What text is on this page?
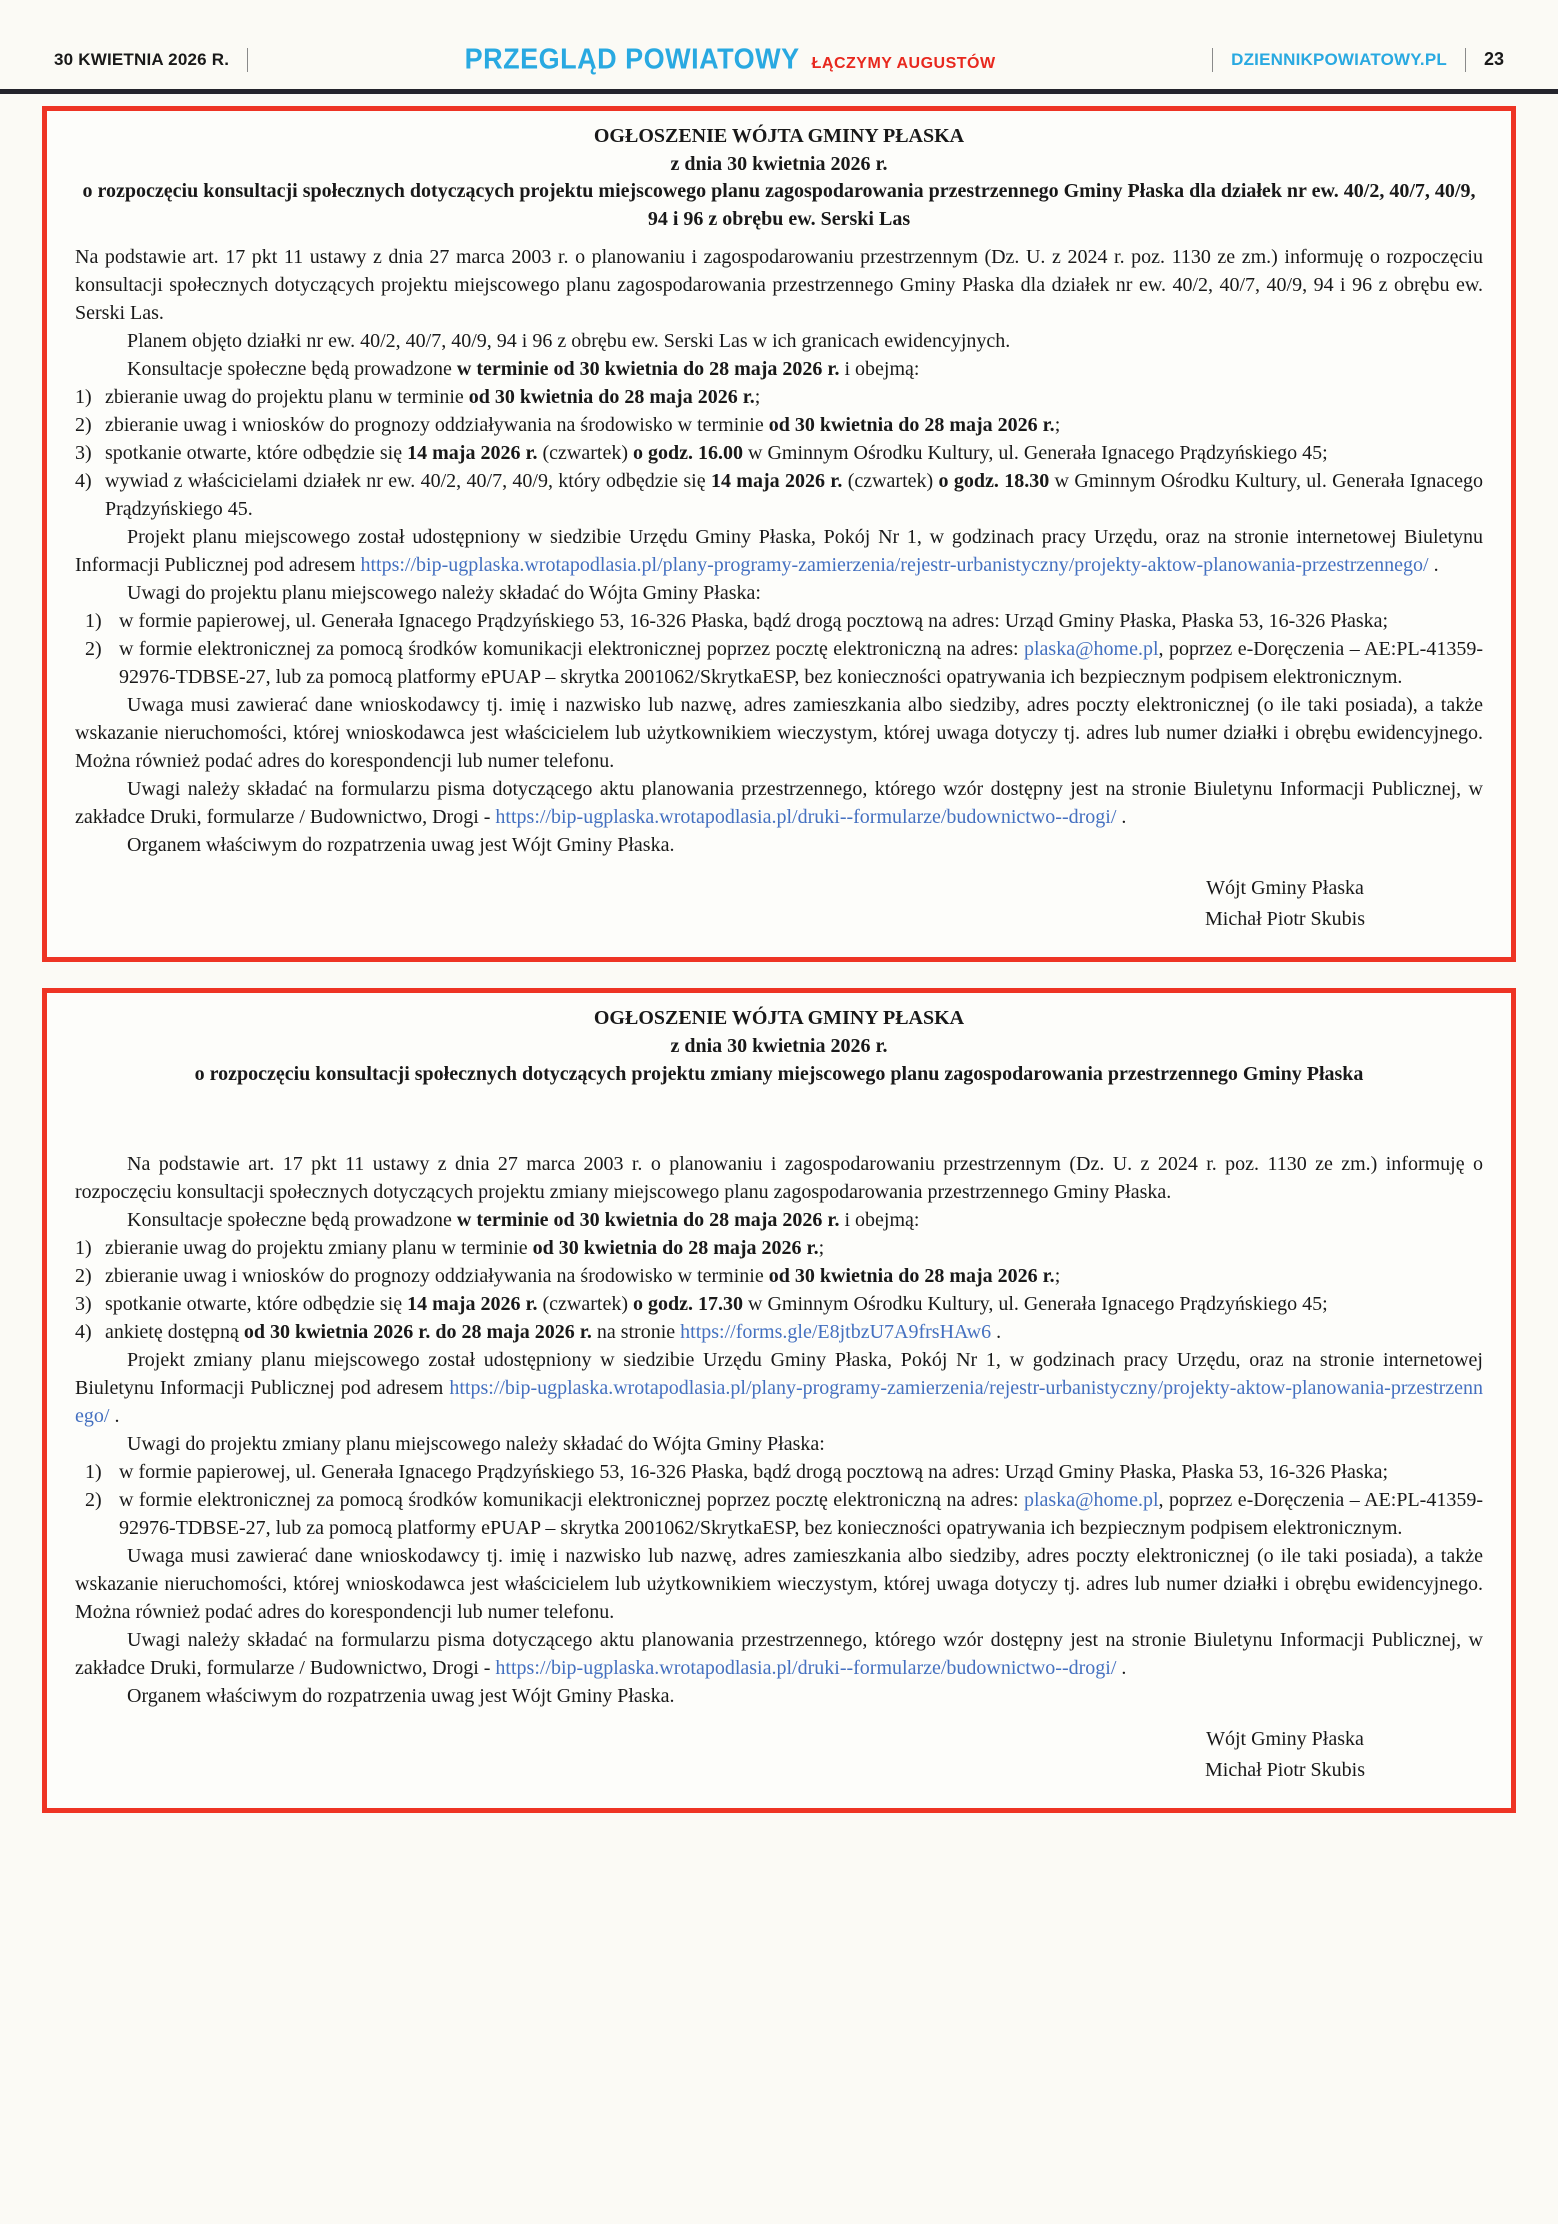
30 KWIETNIA 2026 R.	PRZEGLĄD POWIATOWY ŁĄCZYMY AUGUSTÓW	DZIENNIKPOWIATOWY.PL 23
OGŁOSZENIE WÓJTA GMINY PŁASKA
z dnia 30 kwietnia 2026 r.
o rozpoczęciu konsultacji społecznych dotyczących projektu miejscowego planu zagospodarowania przestrzennego Gminy Płaska dla działek nr ew. 40/2, 40/7, 40/9, 94 i 96 z obrębu ew. Serski Las
Na podstawie art. 17 pkt 11 ustawy z dnia 27 marca 2003 r. o planowaniu i zagospodarowaniu przestrzennym (Dz. U. z 2024 r. poz. 1130 ze zm.) informuję o rozpoczęciu konsultacji społecznych dotyczących projektu miejscowego planu zagospodarowania przestrzennego Gminy Płaska dla działek nr ew. 40/2, 40/7, 40/9, 94 i 96 z obrębu ew. Serski Las.
Planem objęto działki nr ew. 40/2, 40/7, 40/9, 94 i 96 z obrębu ew. Serski Las w ich granicach ewidencyjnych.
Konsultacje społeczne będą prowadzone w terminie od 30 kwietnia do 28 maja 2026 r. i obejmą:
1) zbieranie uwag do projektu planu w terminie od 30 kwietnia do 28 maja 2026 r.;
2) zbieranie uwag i wniosków do prognozy oddziaływania na środowisko w terminie od 30 kwietnia do 28 maja 2026 r.;
3) spotkanie otwarte, które odbędzie się 14 maja 2026 r. (czwartek) o godz. 16.00 w Gminnym Ośrodku Kultury, ul. Generała Ignacego Prądzyńskiego 45;
4) wywiad z właścicielami działek nr ew. 40/2, 40/7, 40/9, który odbędzie się 14 maja 2026 r. (czwartek) o godz. 18.30 w Gminnym Ośrodku Kultury, ul. Generała Ignacego Prądzyńskiego 45.
Projekt planu miejscowego został udostępniony w siedzibie Urzędu Gminy Płaska, Pokój Nr 1, w godzinach pracy Urzędu, oraz na stronie internetowej Biuletynu Informacji Publicznej pod adresem https://bip-ugplaska.wrotapodlasia.pl/plany-programy-zamierzenia/rejestr-urbanistyczny/projekty-aktow-planowania-przestrzennego/ .
Uwagi do projektu planu miejscowego należy składać do Wójta Gminy Płaska:
1) w formie papierowej, ul. Generała Ignacego Prądzyńskiego 53, 16-326 Płaska, bądź drogą pocztową na adres: Urząd Gminy Płaska, Płaska 53, 16-326 Płaska;
2) w formie elektronicznej za pomocą środków komunikacji elektronicznej poprzez pocztę elektroniczną na adres: plaska@home.pl, poprzez e-Doręczenia – AE:PL-41359-92976-TDBSE-27, lub za pomocą platformy ePUAP – skrytka 2001062/SkrytkaESP, bez konieczności opatrywania ich bezpiecznym podpisem elektronicznym.
Uwaga musi zawierać dane wnioskodawcy tj. imię i nazwisko lub nazwę, adres zamieszkania albo siedziby, adres poczty elektronicznej (o ile taki posiada), a także wskazanie nieruchomości, której wnioskodawca jest właścicielem lub użytkownikiem wieczystym, której uwaga dotyczy tj. adres lub numer działki i obrębu ewidencyjnego. Można również podać adres do korespondencji lub numer telefonu.
Uwagi należy składać na formularzu pisma dotyczącego aktu planowania przestrzennego, którego wzór dostępny jest na stronie Biuletynu Informacji Publicznej, w zakładce Druki, formularze / Budownictwo, Drogi - https://bip-ugplaska.wrotapodlasia.pl/druki--formularze/budownictwo--drogi/ .
Organem właściwym do rozpatrzenia uwag jest Wójt Gminy Płaska.
Wójt Gminy Płaska
Michał Piotr Skubis
OGŁOSZENIE WÓJTA GMINY PŁASKA
z dnia 30 kwietnia 2026 r.
o rozpoczęciu konsultacji społecznych dotyczących projektu zmiany miejscowego planu zagospodarowania przestrzennego Gminy Płaska
Na podstawie art. 17 pkt 11 ustawy z dnia 27 marca 2003 r. o planowaniu i zagospodarowaniu przestrzennym (Dz. U. z 2024 r. poz. 1130 ze zm.) informuję o rozpoczęciu konsultacji społecznych dotyczących projektu zmiany miejscowego planu zagospodarowania przestrzennego Gminy Płaska.
Konsultacje społeczne będą prowadzone w terminie od 30 kwietnia do 28 maja 2026 r. i obejmą:
1) zbieranie uwag do projektu zmiany planu w terminie od 30 kwietnia do 28 maja 2026 r.;
2) zbieranie uwag i wniosków do prognozy oddziaływania na środowisko w terminie od 30 kwietnia do 28 maja 2026 r.;
3) spotkanie otwarte, które odbędzie się 14 maja 2026 r. (czwartek) o godz. 17.30 w Gminnym Ośrodku Kultury, ul. Generała Ignacego Prądzyńskiego 45;
4) ankietę dostępną od 30 kwietnia 2026 r. do 28 maja 2026 r. na stronie https://forms.gle/E8jtbzU7A9frsHAw6 .
Projekt zmiany planu miejscowego został udostępniony w siedzibie Urzędu Gminy Płaska, Pokój Nr 1, w godzinach pracy Urzędu, oraz na stronie internetowej Biuletynu Informacji Publicznej pod adresem https://bip-ugplaska.wrotapodlasia.pl/plany-programy-zamierzenia/rejestr-urbanistyczny/projekty-aktow-planowania-przestrzennego/ .
Uwagi do projektu zmiany planu miejscowego należy składać do Wójta Gminy Płaska:
1) w formie papierowej, ul. Generała Ignacego Prądzyńskiego 53, 16-326 Płaska, bądź drogą pocztową na adres: Urząd Gminy Płaska, Płaska 53, 16-326 Płaska;
2) w formie elektronicznej za pomocą środków komunikacji elektronicznej poprzez pocztę elektroniczną na adres: plaska@home.pl, poprzez e-Doręczenia – AE:PL-41359-92976-TDBSE-27, lub za pomocą platformy ePUAP – skrytka 2001062/SkrytkaESP, bez konieczności opatrywania ich bezpiecznym podpisem elektronicznym.
Uwaga musi zawierać dane wnioskodawcy tj. imię i nazwisko lub nazwę, adres zamieszkania albo siedziby, adres poczty elektronicznej (o ile taki posiada), a także wskazanie nieruchomości, której wnioskodawca jest właścicielem lub użytkownikiem wieczystym, której uwaga dotyczy tj. adres lub numer działki i obrębu ewidencyjnego. Można również podać adres do korespondencji lub numer telefonu.
Uwagi należy składać na formularzu pisma dotyczącego aktu planowania przestrzennego, którego wzór dostępny jest na stronie Biuletynu Informacji Publicznej, w zakładce Druki, formularze / Budownictwo, Drogi - https://bip-ugplaska.wrotapodlasia.pl/druki--formularze/budownictwo--drogi/ .
Organem właściwym do rozpatrzenia uwag jest Wójt Gminy Płaska.
Wójt Gminy Płaska
Michał Piotr Skubis
